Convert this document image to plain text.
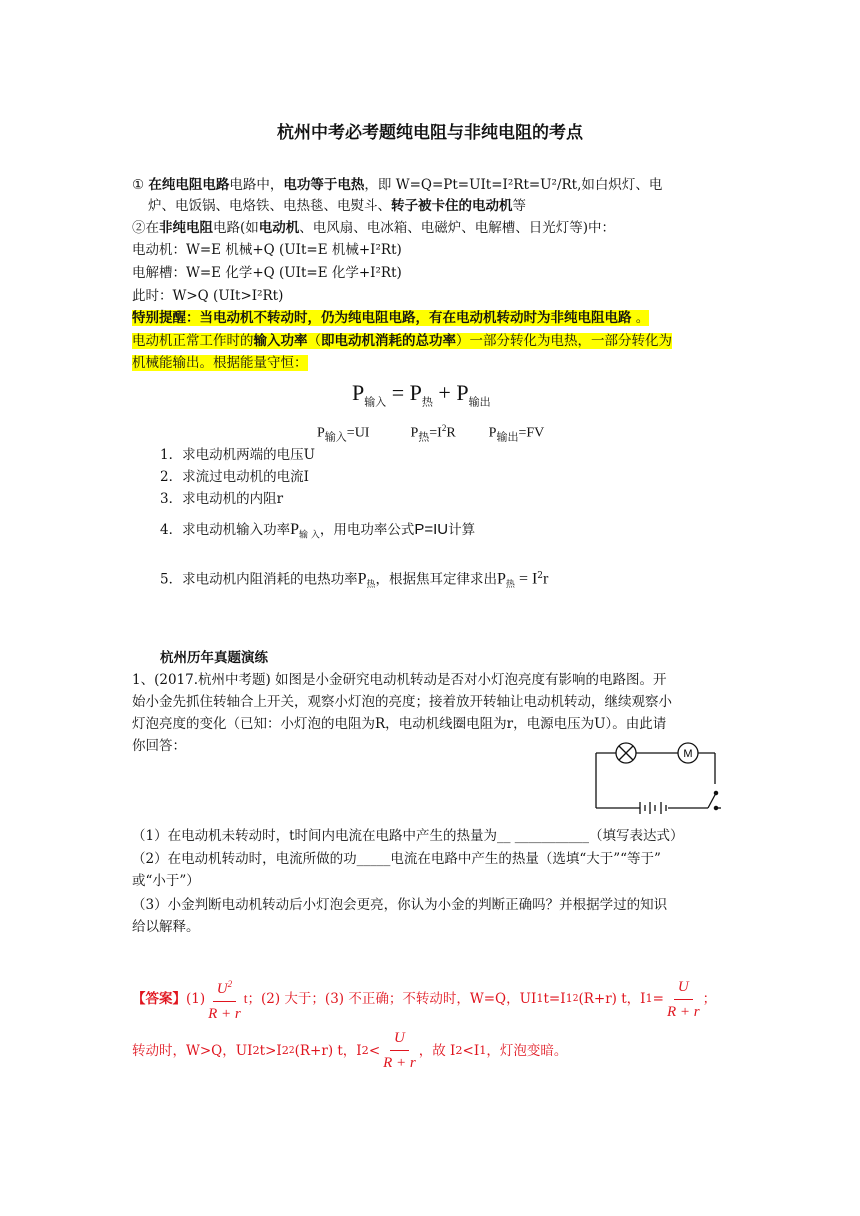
杭州中考必考题纯电阻与非纯电阻的考点
① 在纯电阻电路电路中，电功等于电热，即 W=Q=Pt=UIt=I²Rt=U²/Rt,如白炽灯、电
炉、电饭锅、电烙铁、电热毯、电熨斗、转子被卡住的电动机等
②在非纯电阻电路(如电动机、电风扇、电冰箱、电磁炉、电解槽、日光灯等)中：
电动机：W=E 机械+Q (UIt=E 机械+I²Rt)
电解槽：W=E 化学+Q (UIt=E 化学+I²Rt)
此时：W>Q (UIt>I²Rt)
特别提醒：当电动机不转动时，仍为纯电阻电路，有在电动机转动时为非纯电阻电路 。
电动机正常工作时的输入功率（即电动机消耗的总功率）一部分转化为电热，一部分转化为
机械能输出。根据能量守恒：
$P_{输入} = P_热 + P_{输出}$
$P_{输入}=UI$	$P_热=I^2R$ $P_{输出}=FV$
1．求电动机两端的电压U
2．求流过电动机的电流I
3．求电动机的内阻r
4．求电动机输入功率$P_{输 入}$，用电功率公式P=IU计算
5．求电动机内阻消耗的电热功率$P_热$，根据焦耳定律求出$P_热 = I^2r$
杭州历年真题演练
1、(2017.杭州中考题) 如图是小金研究电动机转动是否对小灯泡亮度有影响的电路图。开
始小金先抓住转轴合上开关，观察小灯泡的亮度；接着放开转轴让电动机转动，继续观察小
灯泡亮度的变化（已知：小灯泡的电阻为R，电动机线圈电阻为r，电源电压为U）。由此请
你回答：	M
（1）在电动机未转动时，t时间内电流在电路中产生的热量为__ ___________（填写表达式）
（2）在电动机转动时，电流所做的功_____电流在电路中产生的热量（选填“大于”“等于”
或“小于”）
（3）小金判断电动机转动后小灯泡会更亮，你认为小金的判断正确吗？并根据学过的知识
给以解释。
【答案】 $(1) \frac{U^2}{R + r}$ t ；(2) 大于；(3) 不正确；不转动时，W=Q，UI 1 t=I 1 2 (R+r) t，I $1 = \frac{U}{R + r}$ ；
转动时，W>Q，UI 2 t>I 2 2 (R+r) t，I $2 < \frac{U}{R + r}$ ，故 I 2 <I 1 ，灯泡变暗。
